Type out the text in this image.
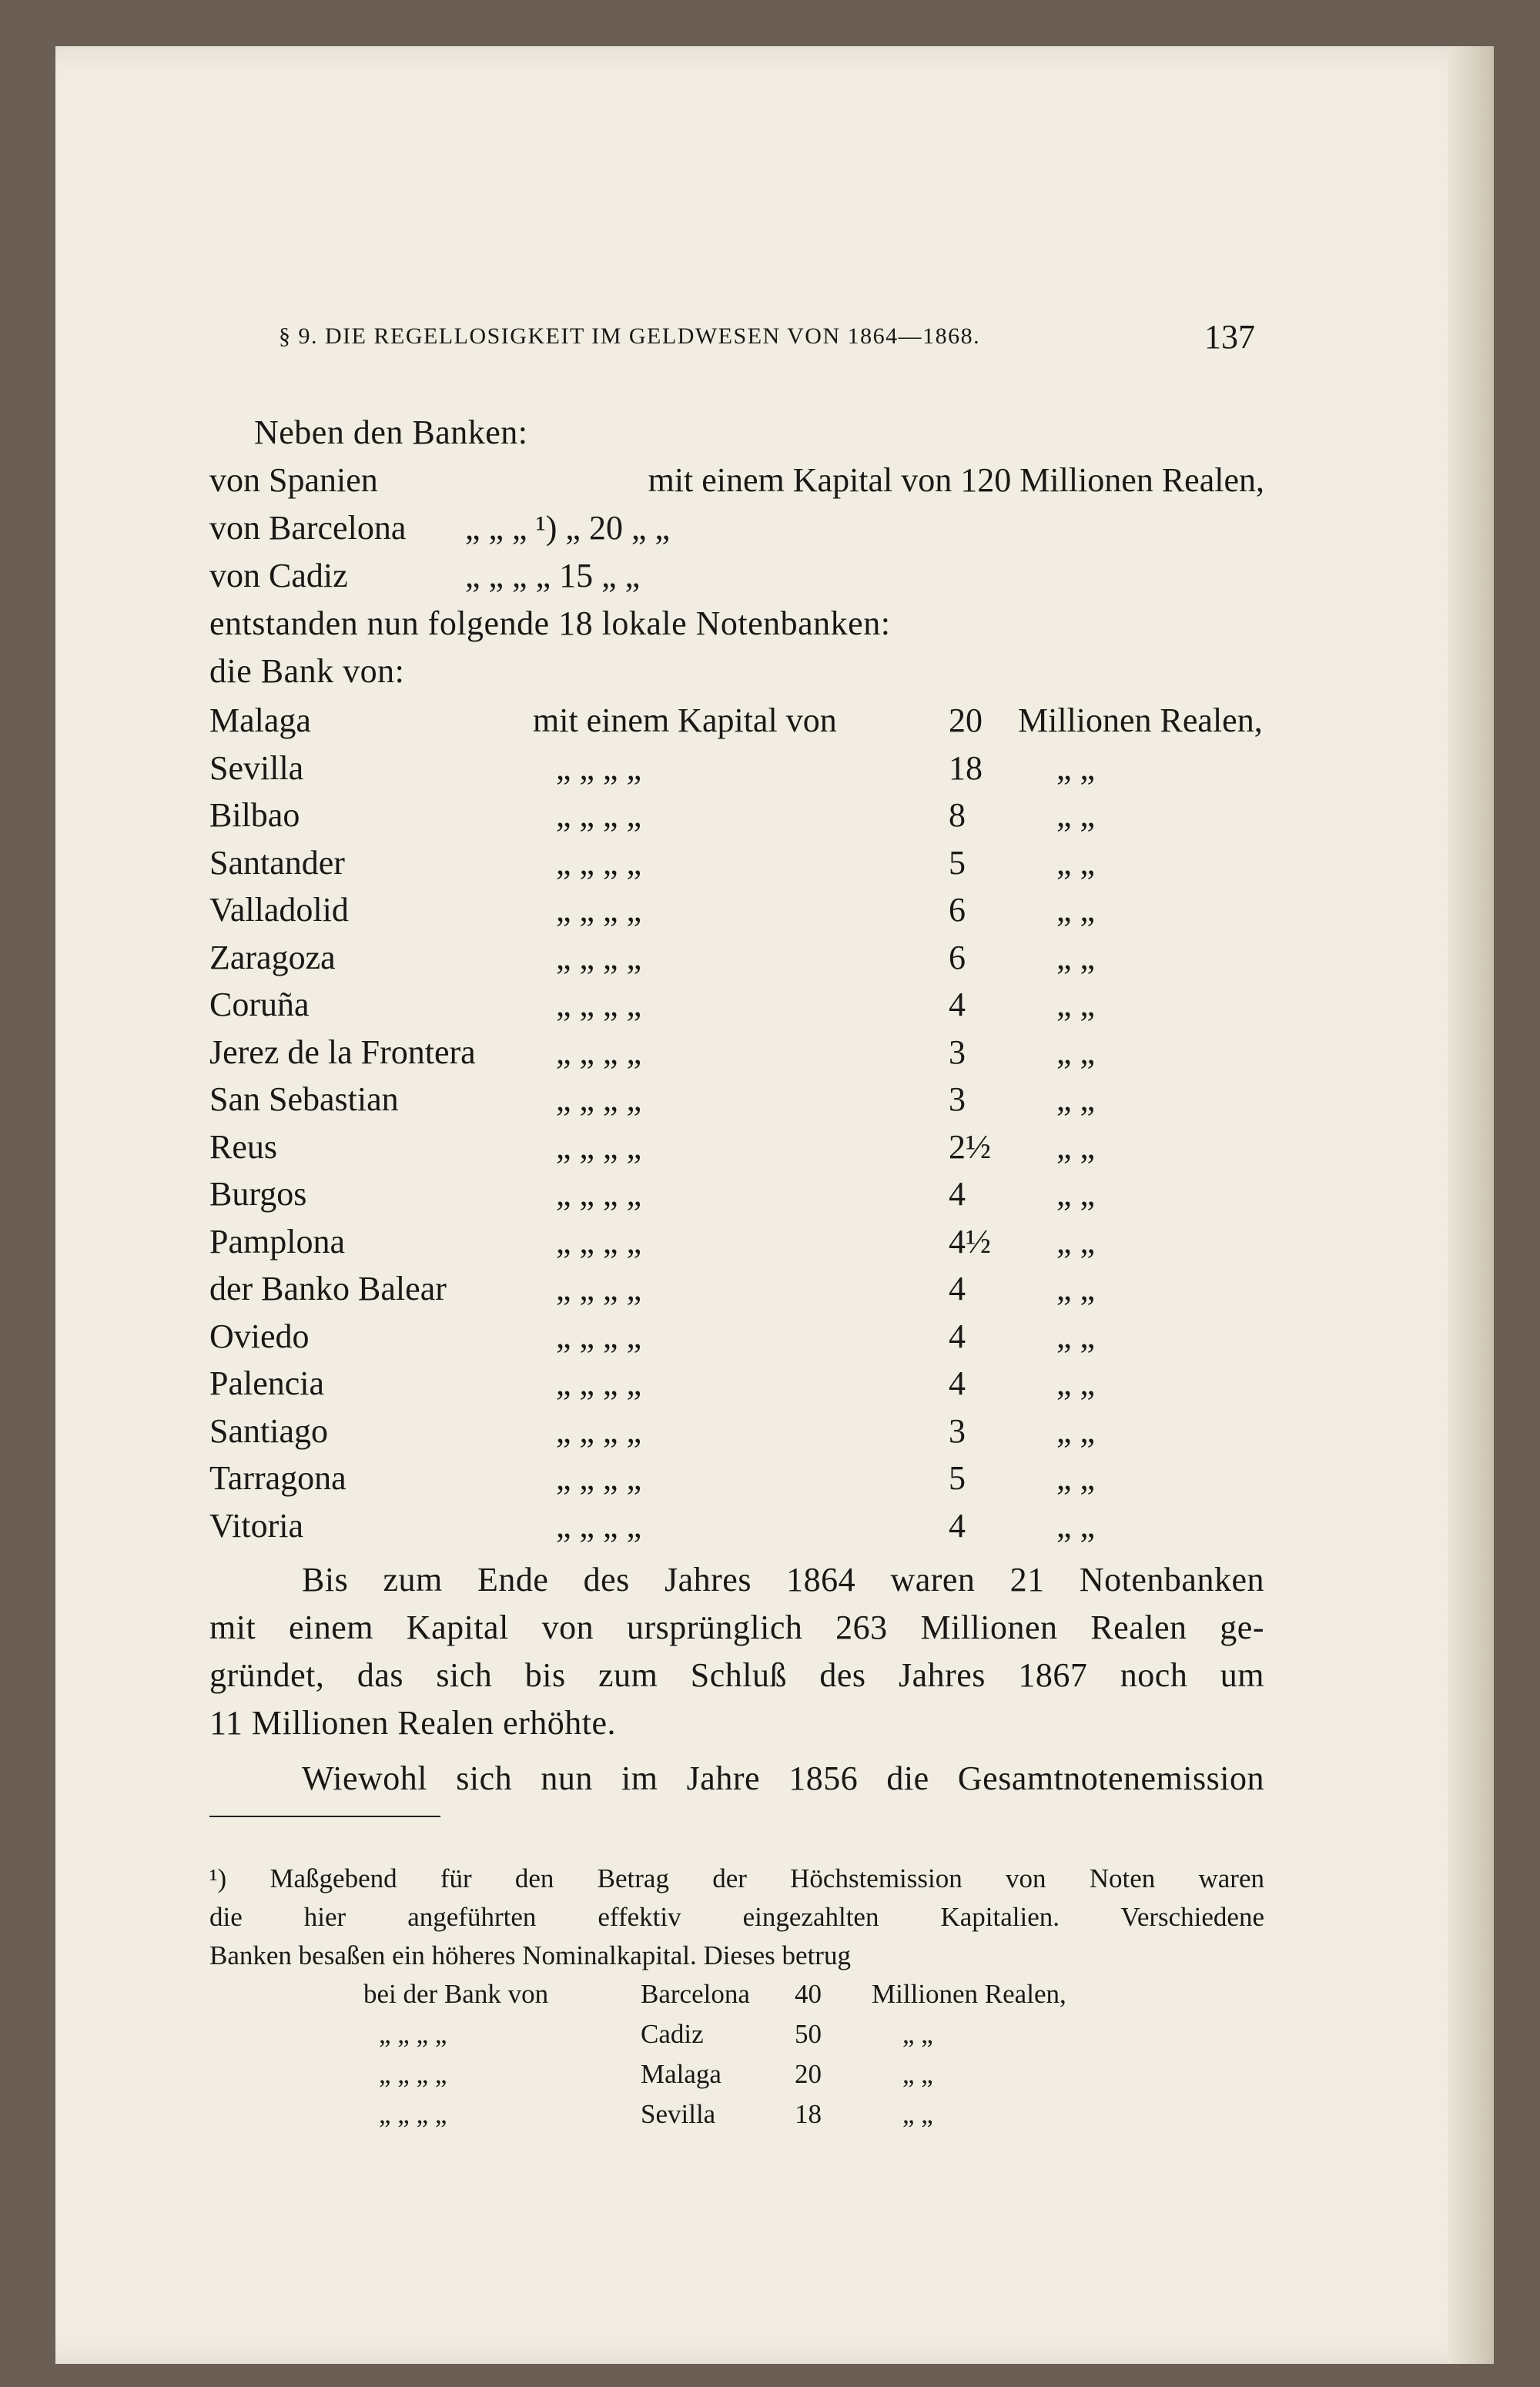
§ 9. DIE REGELLOSIGKEIT IM GELDWESEN VON 1864—1868.	137
Neben den Banken:
von Spanien	mit einem Kapital von 120 Millionen Realen,
von Barcelona „ „ „ ¹) „ 20 „ „
von Cadiz	„ „ „ „ 15 „ „
entstanden nun folgende 18 lokale Notenbanken:
die Bank von:
Malaga	mit einem Kapital von	20 Millionen Realen,
Sevilla	„ „ „ „	18 „ „
Bilbao	„ „ „ „	8	„ „
Santander	„ „ „ „	5	„ „
Valladolid	„ „ „ „	6	„ „
Zaragoza	„ „ „ „	6	„ „
Coruña	„ „ „ „	4	„ „
Jerez de la Frontera „ „ „ „	3	„ „
San Sebastian	„ „ „ „	3	„ „
Reus	„ „ „ „	2½ „ „
Burgos	„ „ „ „	4	„ „
Pamplona	„ „ „ „	4½ „ „
der Banko Balear	„ „ „ „	4	„ „
Oviedo	„ „ „ „	4	„ „
Palencia	„ „ „ „	4	„ „
Santiago	„ „ „ „	3	„ „
Tarragona	„ „ „ „	5	„ „
Vitoria	„ „ „ „	4	„ „
Bis zum Ende des Jahres 1864 waren 21 Notenbanken
mit einem Kapital von ursprünglich 263 Millionen Realen ge-
gründet, das sich bis zum Schluß des Jahres 1867 noch um
11 Millionen Realen erhöhte.
Wiewohl sich nun im Jahre 1856 die Gesamtnotenemission
¹) Maßgebend für den Betrag der Höchstemission von Noten waren
die hier angeführten effektiv eingezahlten Kapitalien. Verschiedene
Banken besaßen ein höheres Nominalkapital. Dieses betrug
bei der Bank von	Barcelona 40 Millionen Realen,
„ „ „ „	Cadiz	50	„ „
„ „ „ „	Malaga	20	„ „
„ „ „ „	Sevilla	18	„ „
